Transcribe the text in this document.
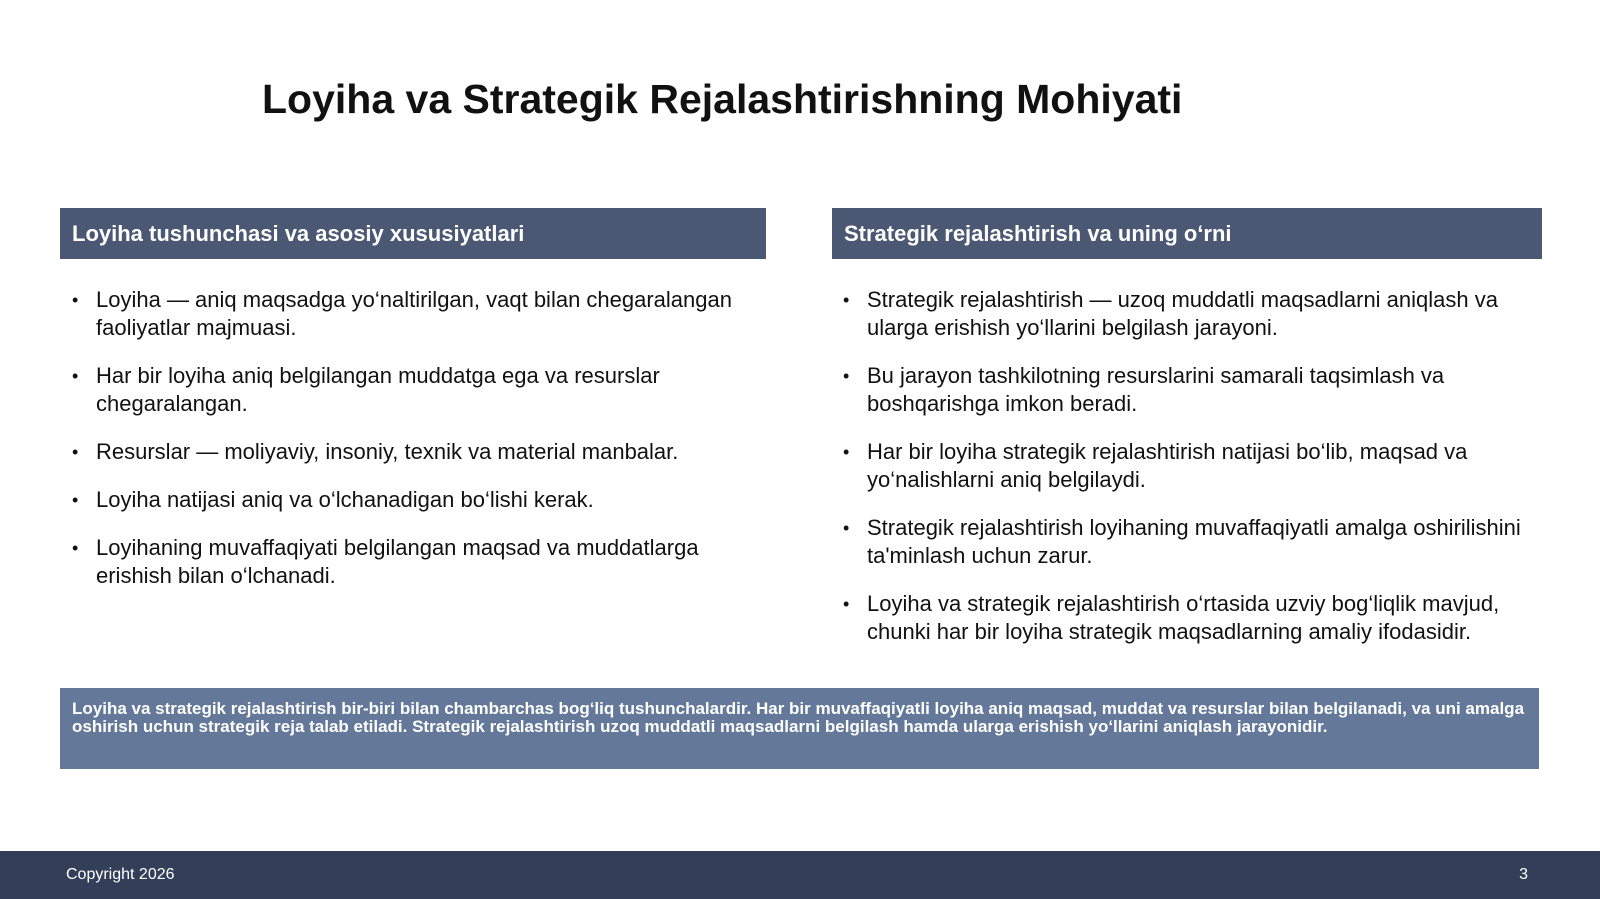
Loyiha va Strategik Rejalashtirishning Mohiyati
Loyiha tushunchasi va asosiy xususiyatlari
• Loyiha — aniq maqsadga yo‘naltirilgan, vaqt bilan chegaralangan faoliyatlar majmuasi.
• Har bir loyiha aniq belgilangan muddatga ega va resurslar chegaralangan.
• Resurslar — moliyaviy, insoniy, texnik va material manbalar.
• Loyiha natijasi aniq va o‘lchanadigan bo‘lishi kerak.
• Loyihaning muvaffaqiyati belgilangan maqsad va muddatlarga erishish bilan o‘lchanadi.
Strategik rejalashtirish va uning o‘rni
• Strategik rejalashtirish — uzoq muddatli maqsadlarni aniqlash va ularga erishish yo‘llarini belgilash jarayoni.
• Bu jarayon tashkilotning resurslarini samarali taqsimlash va boshqarishga imkon beradi.
• Har bir loyiha strategik rejalashtirish natijasi bo‘lib, maqsad va yo‘nalishlarni aniq belgilaydi.
• Strategik rejalashtirish loyihaning muvaffaqiyatli amalga oshirilishini ta'minlash uchun zarur.
• Loyiha va strategik rejalashtirish o‘rtasida uzviy bog‘liqlik mavjud, chunki har bir loyiha strategik maqsadlarning amaliy ifodasidir.
Loyiha va strategik rejalashtirish bir-biri bilan chambarchas bog‘liq tushunchalardir. Har bir muvaffaqiyatli loyiha aniq maqsad, muddat va resurslar bilan belgilanadi, va uni amalga oshirish uchun strategik reja talab etiladi. Strategik rejalashtirish uzoq muddatli maqsadlarni belgilash hamda ularga erishish yo‘llarini aniqlash jarayonidir.
Copyright 2026	3
